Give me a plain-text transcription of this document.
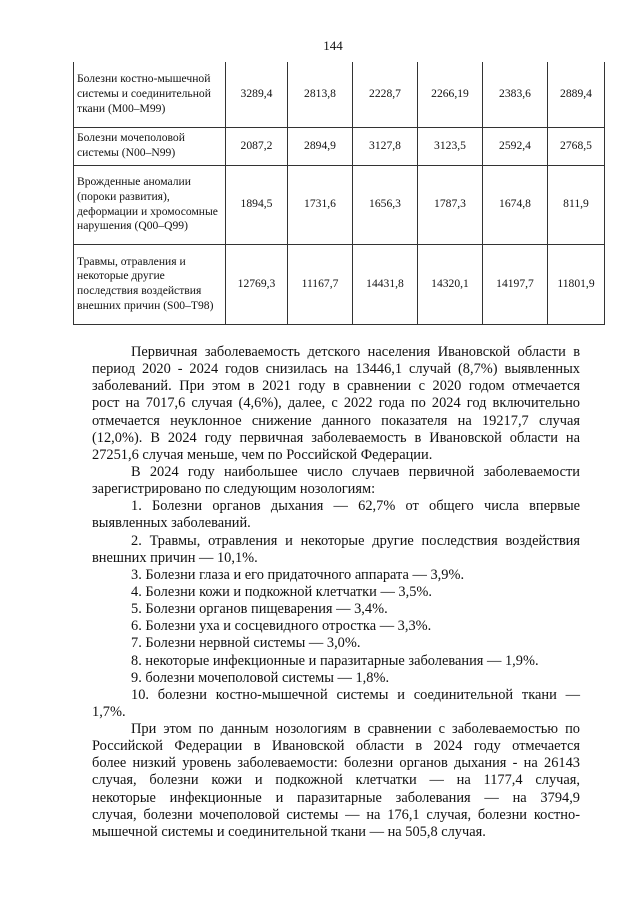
144
Болезни костно-мышечной системы и соединительной ткани (M00–M99)	3289,4	2813,8	2228,7	2266,19	2383,6	2889,4
Болезни мочеполовой системы (N00–N99)	2087,2	2894,9	3127,8	3123,5	2592,4	2768,5
Врожденные аномалии (пороки развития), деформации и хромосомные нарушения (Q00–Q99)	1894,5	1731,6	1656,3	1787,3	1674,8	811,9
Травмы, отравления и некоторые другие последствия воздействия внешних причин (S00–T98)	12769,3	11167,7	14431,8	14320,1	14197,7	11801,9
Первичная заболеваемость детского населения Ивановской области в
период 2020 - 2024 годов снизилась на 13446,1 случай (8,7%) выявленных
заболеваний. При этом в 2021 году в сравнении с 2020 годом отмечается
рост на 7017,6 случая (4,6%), далее, с 2022 года по 2024 год включительно
отмечается неуклонное снижение данного показателя на 19217,7 случая
(12,0%). В 2024 году первичная заболеваемость в Ивановской области на
27251,6 случая меньше, чем по Российской Федерации.
В 2024 году наибольшее число случаев первичной заболеваемости
зарегистрировано по следующим нозологиям:
1. Болезни органов дыхания — 62,7% от общего числа впервые
выявленных заболеваний.
2. Травмы, отравления и некоторые другие последствия воздействия
внешних причин — 10,1%.
3. Болезни глаза и его придаточного аппарата — 3,9%.
4. Болезни кожи и подкожной клетчатки — 3,5%.
5. Болезни органов пищеварения — 3,4%.
6. Болезни уха и сосцевидного отростка — 3,3%.
7. Болезни нервной системы — 3,0%.
8. некоторые инфекционные и паразитарные заболевания — 1,9%.
9. болезни мочеполовой системы — 1,8%.
10. болезни костно-мышечной системы и соединительной ткани —
1,7%.
При этом по данным нозологиям в сравнении с заболеваемостью по
Российской Федерации в Ивановской области в 2024 году отмечается
более низкий уровень заболеваемости: болезни органов дыхания - на 26143
случая, болезни кожи и подкожной клетчатки — на 1177,4 случая,
некоторые инфекционные и паразитарные заболевания — на 3794,9
случая, болезни мочеполовой системы — на 176,1 случая, болезни костно-
мышечной системы и соединительной ткани — на 505,8 случая.
